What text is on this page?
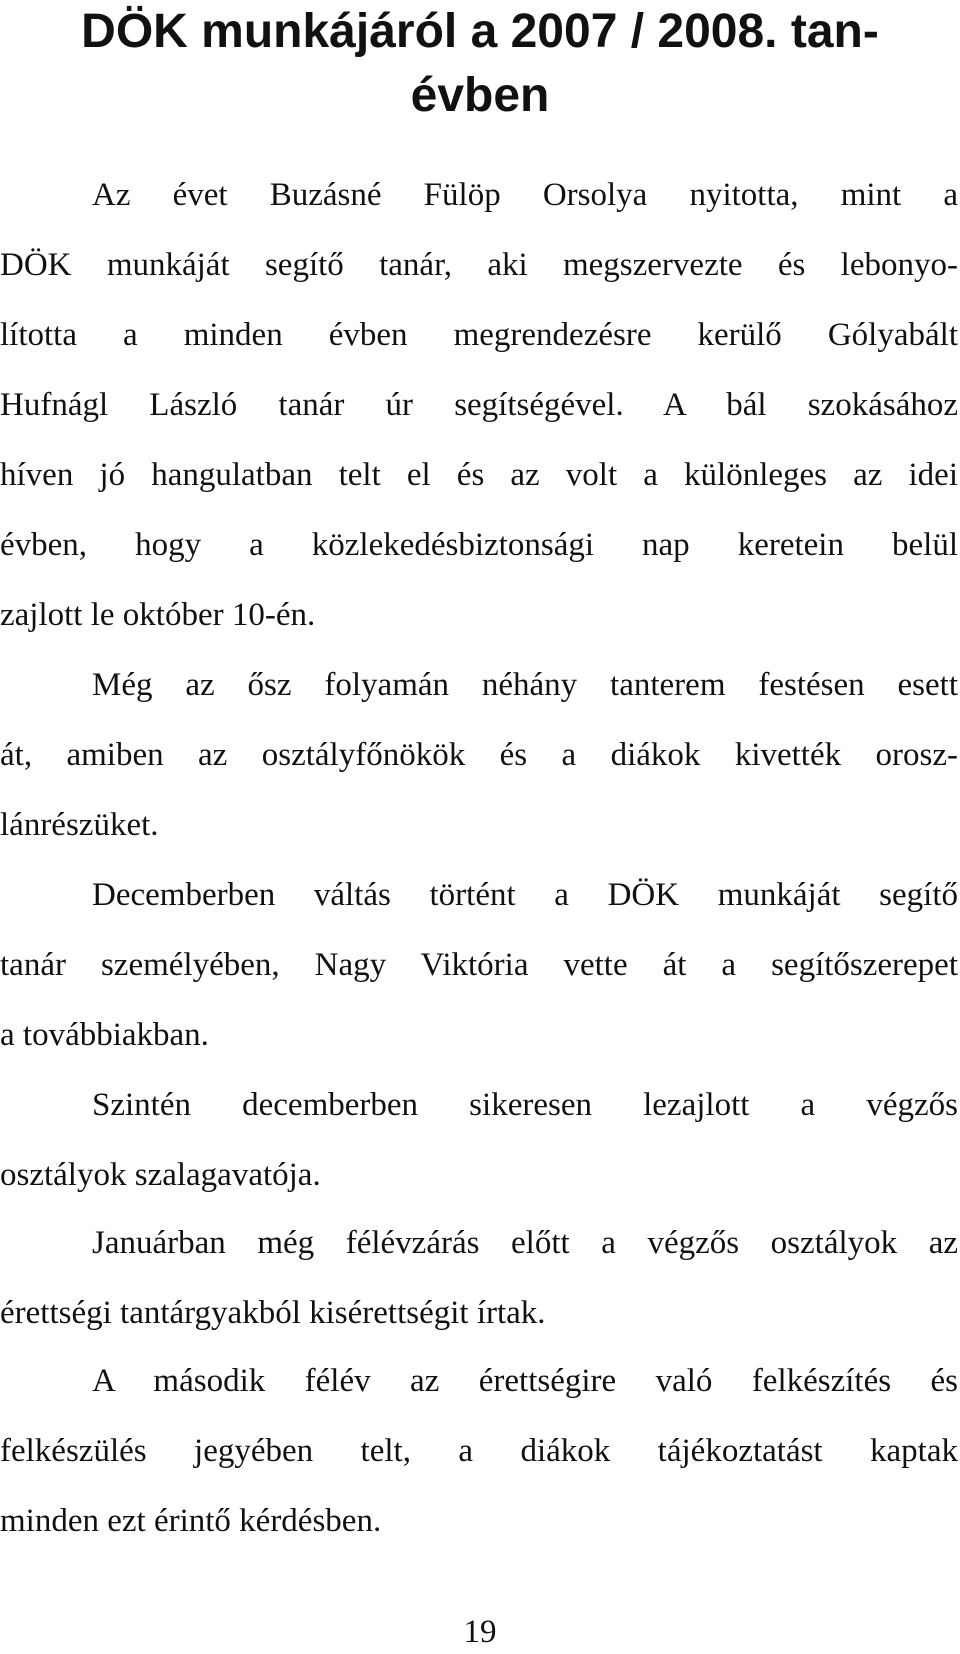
DÖK munkájáról a 2007 / 2008. tan-
évben
Az évet Buzásné Fülöp Orsolya nyitotta, mint a
DÖK munkáját segítő tanár, aki megszervezte és lebonyo-
lította a minden évben megrendezésre kerülő Gólyabált
Hufnágl László tanár úr segítségével. A bál szokásához
híven jó hangulatban telt el és az volt a különleges az idei
évben, hogy a közlekedésbiztonsági nap keretein belül
zajlott le október 10-én.
Még az ősz folyamán néhány tanterem festésen esett
át, amiben az osztályfőnökök és a diákok kivették orosz-
lánrészüket.
Decemberben váltás történt a DÖK munkáját segítő
tanár személyében, Nagy Viktória vette át a segítőszerepet
a továbbiakban.
Szintén decemberben sikeresen lezajlott a végzős
osztályok szalagavatója.
Januárban még félévzárás előtt a végzős osztályok az
érettségi tantárgyakból kisérettségit írtak.
A második félév az érettségire való felkészítés és
felkészülés jegyében telt, a diákok tájékoztatást kaptak
minden ezt érintő kérdésben.
19
